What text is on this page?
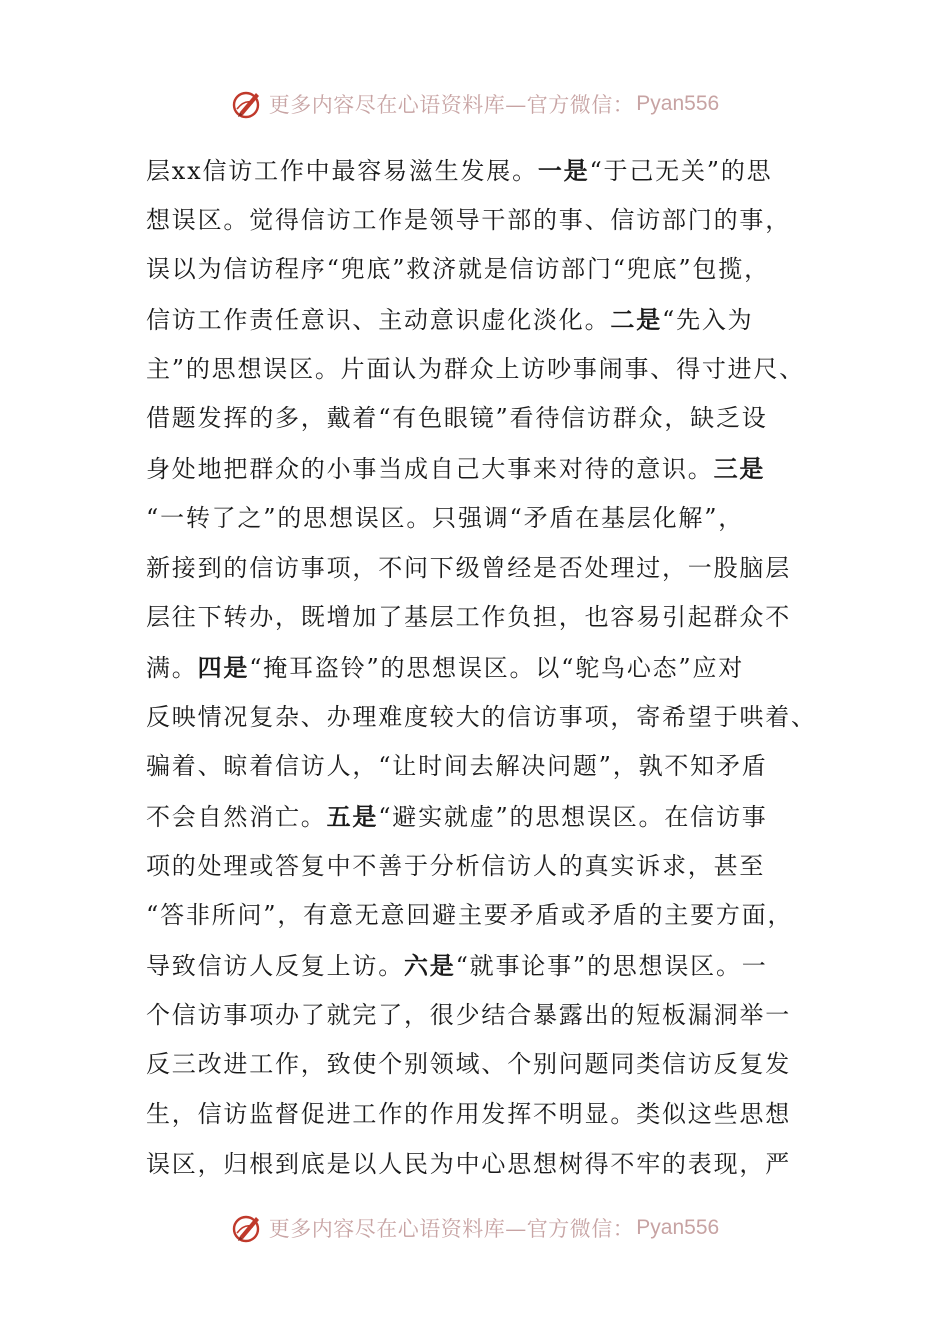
更多内容尽在心语资料库—官方微信： Pyan556
层xx信访工作中最容易滋生发展。一是“于己无关”的思
想误区。觉得信访工作是领导干部的事、信访部门的事，
误以为信访程序“兜底”救济就是信访部门“兜底”包揽，
信访工作责任意识、主动意识虚化淡化。二是“先入为
主”的思想误区。片面认为群众上访吵事闹事、得寸进尺、
借题发挥的多，戴着“有色眼镜”看待信访群众，缺乏设
身处地把群众的小事当成自己大事来对待的意识。三是
“一转了之”的思想误区。只强调“矛盾在基层化解”，
新接到的信访事项，不问下级曾经是否处理过，一股脑层
层往下转办，既增加了基层工作负担，也容易引起群众不
满。四是“掩耳盗铃”的思想误区。以“鸵鸟心态”应对
反映情况复杂、办理难度较大的信访事项，寄希望于哄着、
骗着、晾着信访人，“让时间去解决问题”，孰不知矛盾
不会自然消亡。五是“避实就虚”的思想误区。在信访事
项的处理或答复中不善于分析信访人的真实诉求，甚至
“答非所问”，有意无意回避主要矛盾或矛盾的主要方面，
导致信访人反复上访。六是“就事论事”的思想误区。一
个信访事项办了就完了，很少结合暴露出的短板漏洞举一
反三改进工作，致使个别领域、个别问题同类信访反复发
生，信访监督促进工作的作用发挥不明显。类似这些思想
误区，归根到底是以人民为中心思想树得不牢的表现，严
更多内容尽在心语资料库—官方微信： Pyan556
